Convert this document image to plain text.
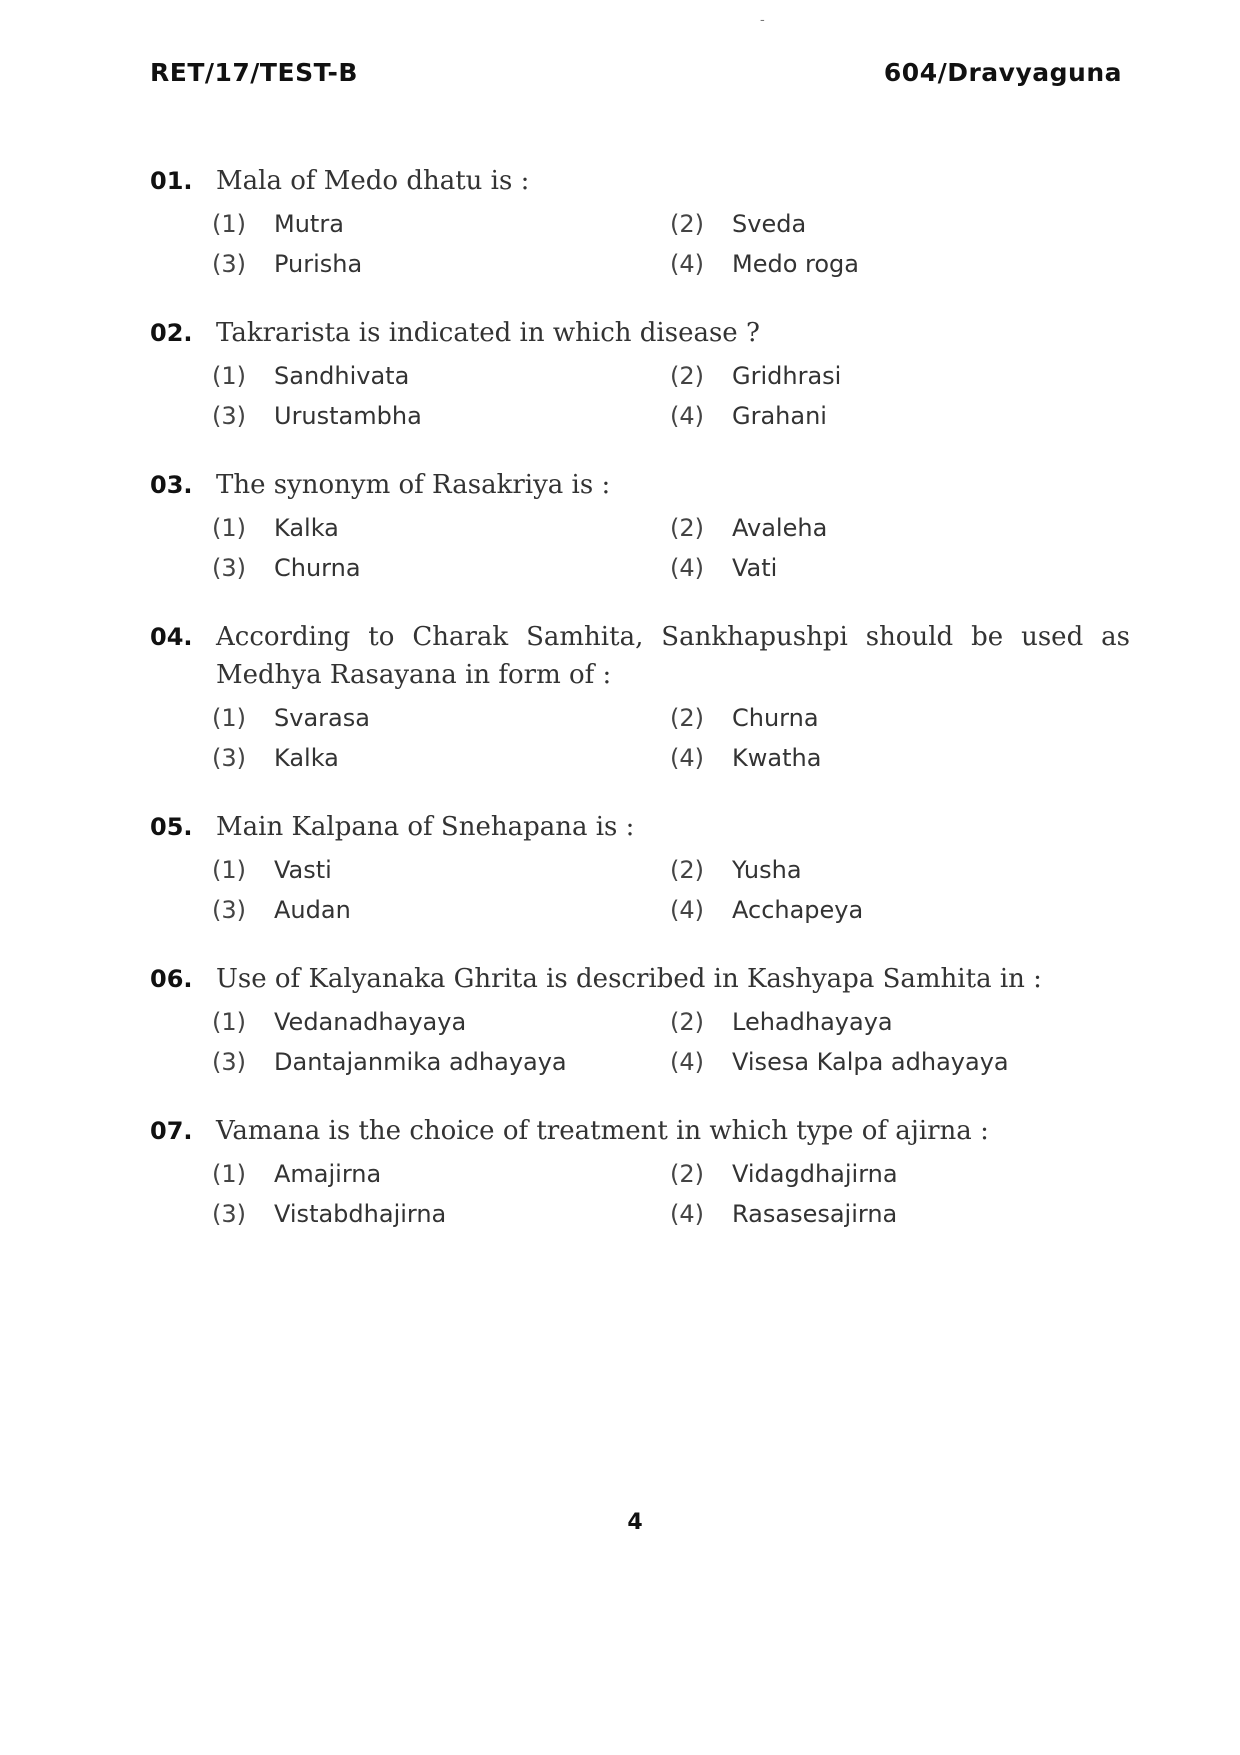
-
RET/17/TEST-B	604/Dravyaguna
01. Mala of Medo dhatu is :
(1)	Mutra	(2)	Sveda
(3)	Purisha	(4)	Medo roga
02. Takrarista is indicated in which disease ?
(1)	Sandhivata	(2)	Gridhrasi
(3)	Urustambha	(4)	Grahani
03. The synonym of Rasakriya is :
(1)	Kalka	(2)	Avaleha
(3)	Churna	(4)	Vati
04. According to Charak Samhita, Sankhapushpi should be used as Medhya Rasayana in form of :
(1)	Svarasa	(2)	Churna
(3)	Kalka	(4)	Kwatha
05. Main Kalpana of Snehapana is :
(1)	Vasti	(2)	Yusha
(3)	Audan	(4)	Acchapeya
06. Use of Kalyanaka Ghrita is described in Kashyapa Samhita in :
(1)	Vedanadhayaya	(2)	Lehadhayaya
(3)	Dantajanmika adhayaya	(4)	Visesa Kalpa adhayaya
07. Vamana is the choice of treatment in which type of ajirna :
(1)	Amajirna	(2)	Vidagdhajirna
(3)	Vistabdhajirna	(4)	Rasasesajirna
4
